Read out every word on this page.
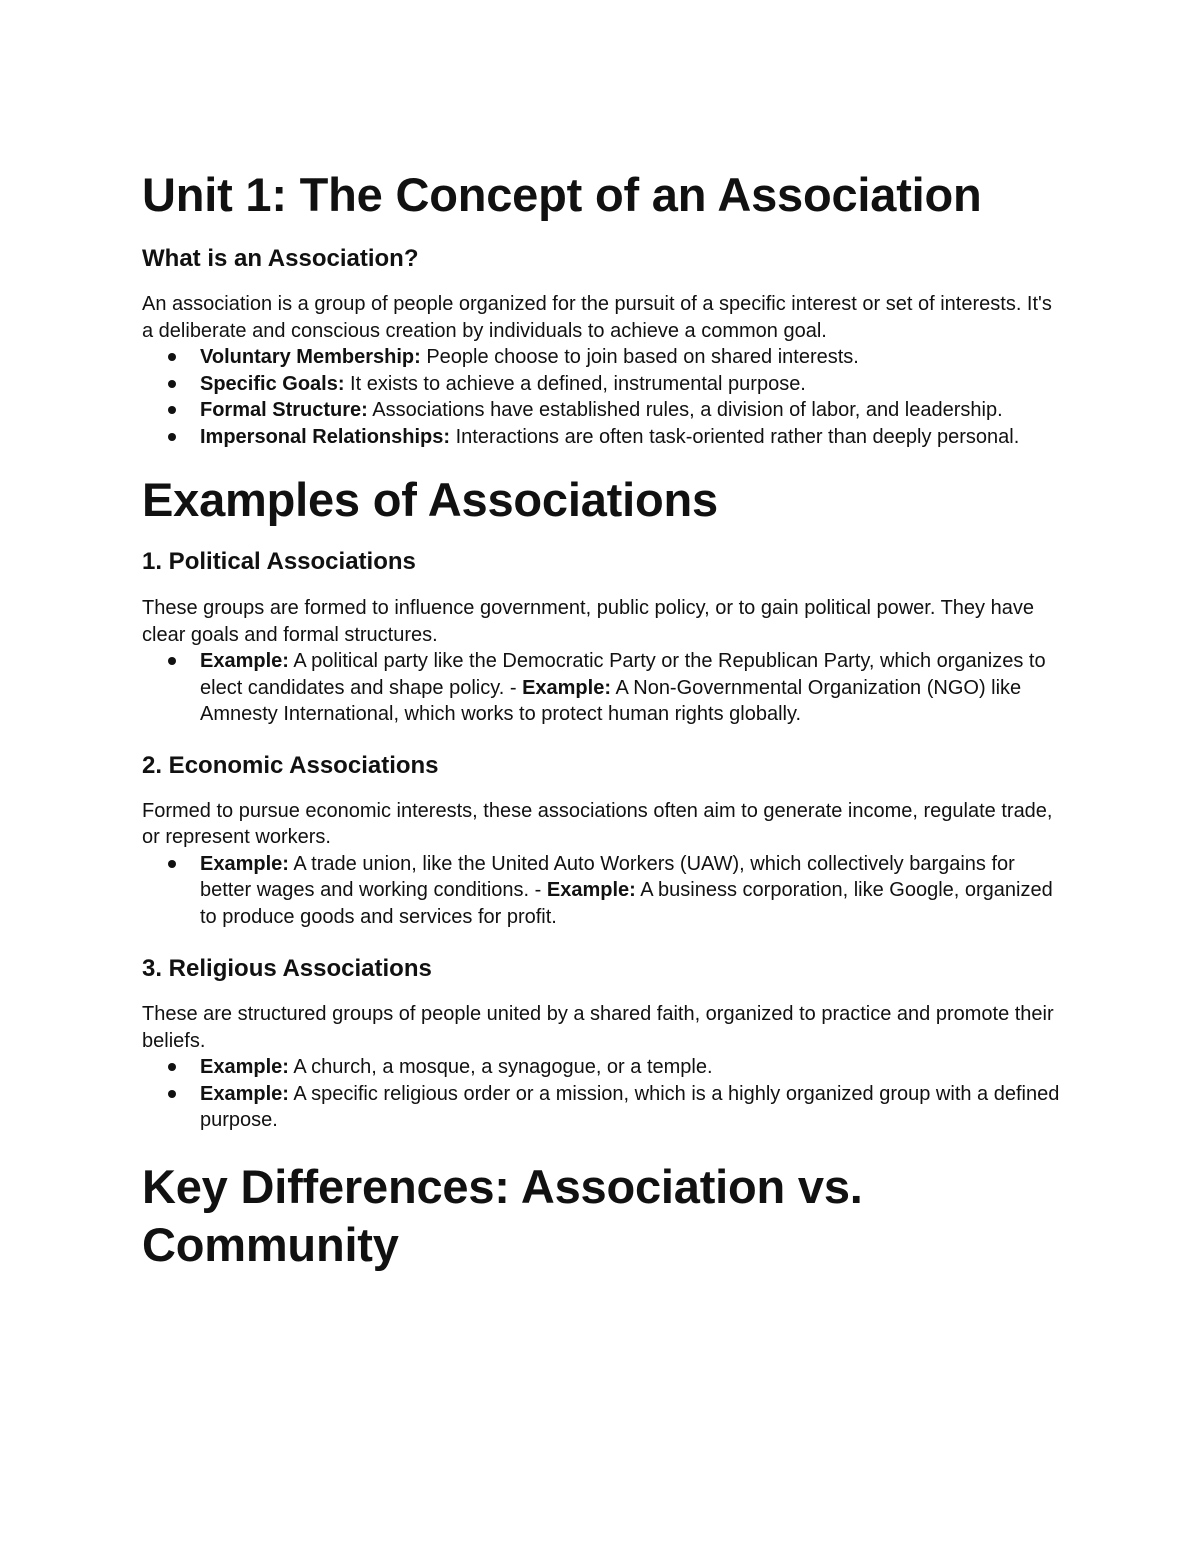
Unit 1: The Concept of an Association
What is an Association?

An association is a group of people organized for the pursuit of a specific interest or set of interests. It's a deliberate and conscious creation by individuals to achieve a common goal.

Voluntary Membership: People choose to join based on shared interests.
Specific Goals: It exists to achieve a defined, instrumental purpose.
Formal Structure: Associations have established rules, a division of labor, and leadership.
Impersonal Relationships: Interactions are often task-oriented rather than deeply personal.
Examples of Associations
1. Political Associations

These groups are formed to influence government, public policy, or to gain political power. They have clear goals and formal structures.

Example: A political party like the Democratic Party or the Republican Party, which organizes to elect candidates and shape policy. - Example: A Non-Governmental Organization (NGO) like Amnesty International, which works to protect human rights globally.
2. Economic Associations

Formed to pursue economic interests, these associations often aim to generate income, regulate trade, or represent workers.

Example: A trade union, like the United Auto Workers (UAW), which collectively bargains for better wages and working conditions. - Example: A business corporation, like Google, organized to produce goods and services for profit.
3. Religious Associations

These are structured groups of people united by a shared faith, organized to practice and promote their beliefs.

Example: A church, a mosque, a synagogue, or a temple.
Example: A specific religious order or a mission, which is a highly organized group with a defined purpose.
Key Differences: Association vs. Community
